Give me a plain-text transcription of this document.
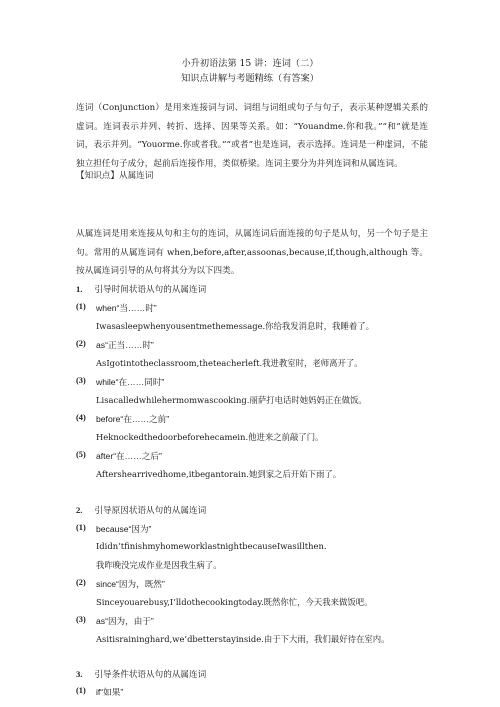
小升初语法第 15 讲：连词（二）
知识点讲解与考题精练（有答案）

连词（Conjunction）是用来连接词与词、词组与词组或句子与句子，表示某种逻辑关系的虚词。连词表示并列、转折、选择、因果等关系。如：“Youandme.你和我。”“和”就是连词，表示并列。“Youorme.你或者我。”“或者”也是连词，表示选择。连词是一种虚词，不能独立担任句子成分，起前后连接作用，类似桥梁。连词主要分为并列连词和从属连词。

【知识点】从属连词

从属连词是用来连接从句和主句的连词，从属连词后面连接的句子是从句，另一个句子是主句。常用的从属连词有 when,before,after,assoonas,because,if,though,although 等。按从属连词引导的从句将其分为以下四类。

1. 引导时间状语从句的从属连词
(1) when“当……时”
Iwasasleepwhenyousentmethemessage.你给我发消息时，我睡着了。
(2) as“正当……时”
AsIgotintotheclassroom,theteacherleft.我进教室时，老师离开了。
(3) while“在……同时”
Lisacalledwhilehermomwascooking.丽萨打电话时她妈妈正在做饭。
(4) before“在……之前”
Heknockedthedoorbeforehecamein.他进来之前敲了门。
(5) after“在……之后”
Aftershearrivedhome,itbegantorain.她到家之后开始下雨了。
2. 引导原因状语从句的从属连词
(1) because“因为”
Ididn’tfinishmyhomeworklastnightbecauseIwasillthen.
我昨晚没完成作业是因我生病了。
(2) since“因为，既然”
Sinceyouarebusy,I’lldothecookingtoday.既然你忙，今天我来做饭吧。
(3) as“因为，由于”
Asitisraininghard,we’dbetterstayinside.由于下大雨，我们最好待在室内。
3. 引导条件状语从句的从属连词
(1) if“如果”
